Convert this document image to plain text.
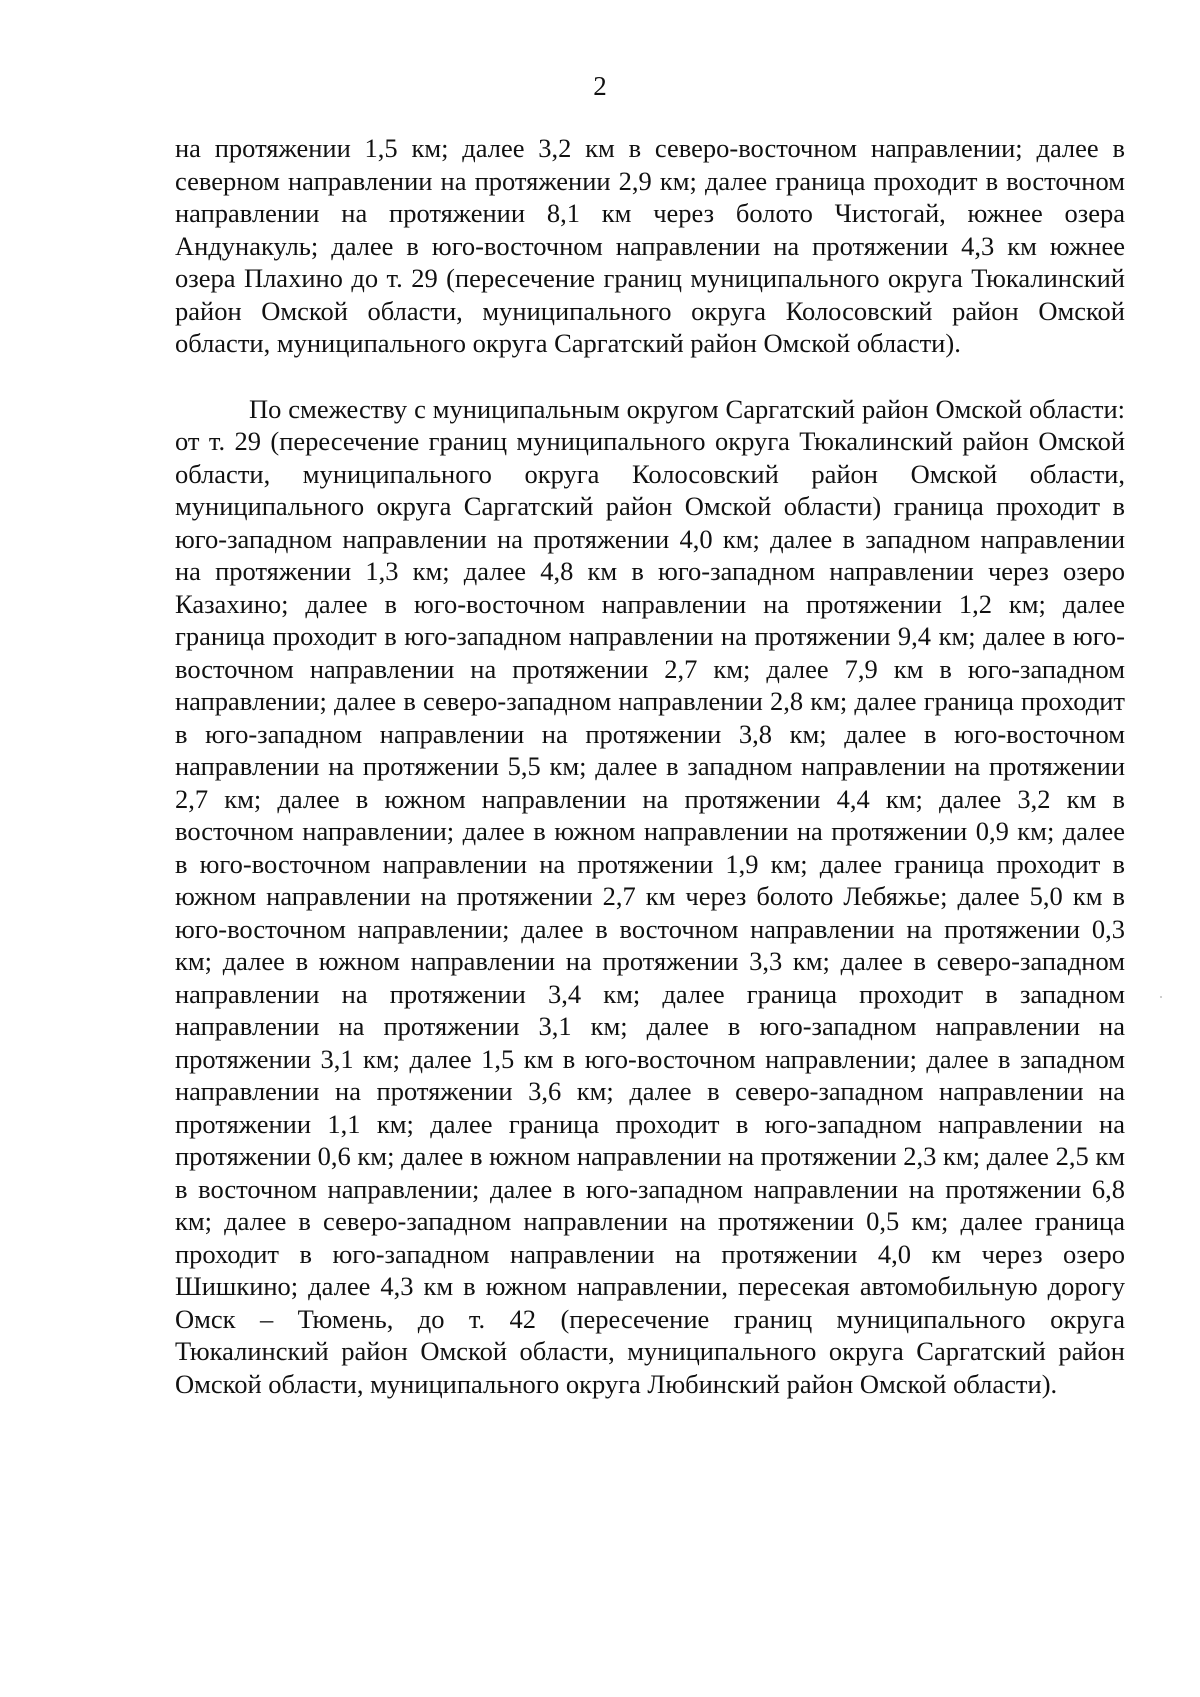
2

на протяжении 1,5 км; далее 3,2 км в северо-восточном направлении; далее в северном направлении на протяжении 2,9 км; далее граница проходит в восточном направлении на протяжении 8,1 км через болото Чистогай, южнее озера Андунакуль; далее в юго-восточном направлении на протяжении 4,3 км южнее озера Плахино до т. 29 (пересечение границ муниципального округа Тюкалинский район Омской области, муниципального округа Колосовский район Омской области, муниципального округа Саргатский район Омской области).

По смежеству с муниципальным округом Саргатский район Омской области: от т. 29 (пересечение границ муниципального округа Тюкалинский район Омской области, муниципального округа Колосовский район Омской области, муниципального округа Саргатский район Омской области) граница проходит в юго-западном направлении на протяжении 4,0 км; далее в западном направлении на протяжении 1,3 км; далее 4,8 км в юго-западном направлении через озеро Казахино; далее в юго-восточном направлении на протяжении 1,2 км; далее граница проходит в юго-западном направлении на протяжении 9,4 км; далее в юго-восточном направлении на протяжении 2,7 км; далее 7,9 км в юго-западном направлении; далее в северо-западном направлении 2,8 км; далее граница проходит в юго-западном направлении на протяжении 3,8 км; далее в юго-восточном направлении на протяжении 5,5 км; далее в западном направлении на протяжении 2,7 км; далее в южном направлении на протяжении 4,4 км; далее 3,2 км в восточном направлении; далее в южном направлении на протяжении 0,9 км; далее в юго-восточном направлении на протяжении 1,9 км; далее граница проходит в южном направлении на протяжении 2,7 км через болото Лебяжье; далее 5,0 км в юго-восточном направлении; далее в восточном направлении на протяжении 0,3 км; далее в южном направлении на протяжении 3,3 км; далее в северо-западном направлении на протяжении 3,4 км; далее граница проходит в западном направлении на протяжении 3,1 км; далее в юго-западном направлении на протяжении 3,1 км; далее 1,5 км в юго-восточном направлении; далее в западном направлении на протяжении 3,6 км; далее в северо-западном направлении на протяжении 1,1 км; далее граница проходит в юго-западном направлении на протяжении 0,6 км; далее в южном направлении на протяжении 2,3 км; далее 2,5 км в восточном направлении; далее в юго-западном направлении на протяжении 6,8 км; далее в северо-западном направлении на протяжении 0,5 км; далее граница проходит в юго-западном направлении на протяжении 4,0 км через озеро Шишкино; далее 4,3 км в южном направлении, пересекая автомобильную дорогу Омск – Тюмень, до т. 42 (пересечение границ муниципального округа Тюкалинский район Омской области, муниципального округа Саргатский район Омской области, муниципального округа Любинский район Омской области).
